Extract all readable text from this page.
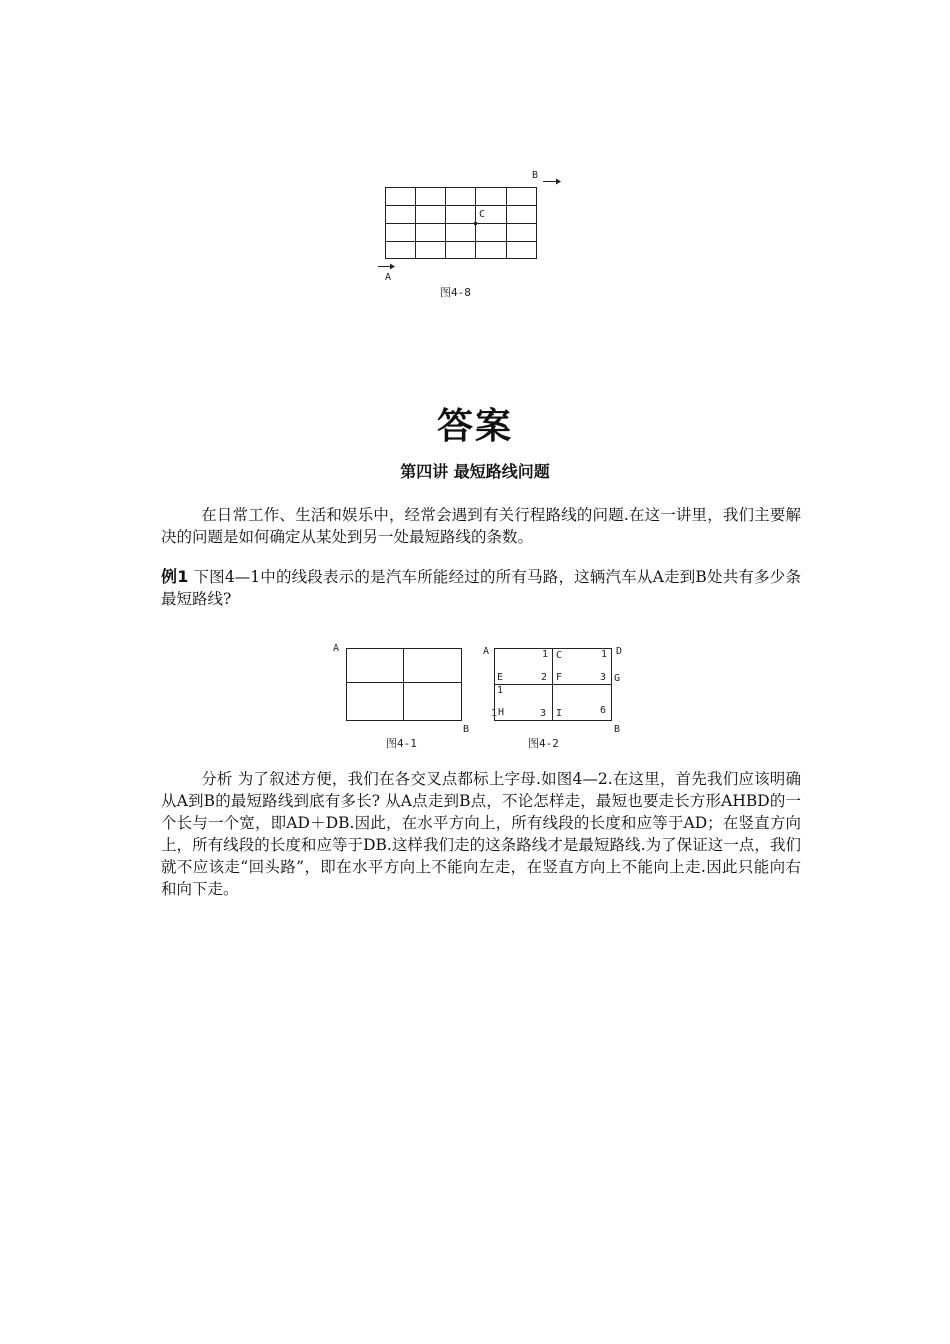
B
C
A
图4-8
答案
第四讲 最短路线问题
在日常工作、生活和娱乐中，经常会遇到有关行程路线的问题.在这一讲里，我们主要解决的问题是如何确定从某处到另一处最短路线的条数。
例1 下图4—1中的线段表示的是汽车所能经过的所有马路，这辆汽车从A走到B处共有多少条最短路线?
A
B
图4-1
A	1 C	1 D
E
1
2 F	3 G
1 H	3 I	6
B
图4-2
分析 为了叙述方便，我们在各交叉点都标上字母.如图4—2.在这里，首先我们应该明确从A到B的最短路线到底有多长? 从A点走到B点，不论怎样走，最短也要走长方形AHBD的一个长与一个宽，即AD＋DB.因此，在水平方向上，所有线段的长度和应等于AD；在竖直方向上，所有线段的长度和应等于DB.这样我们走的这条路线才是最短路线.为了保证这一点，我们就不应该走“回头路”，即在水平方向上不能向左走，在竖直方向上不能向上走.因此只能向右和向下走。
